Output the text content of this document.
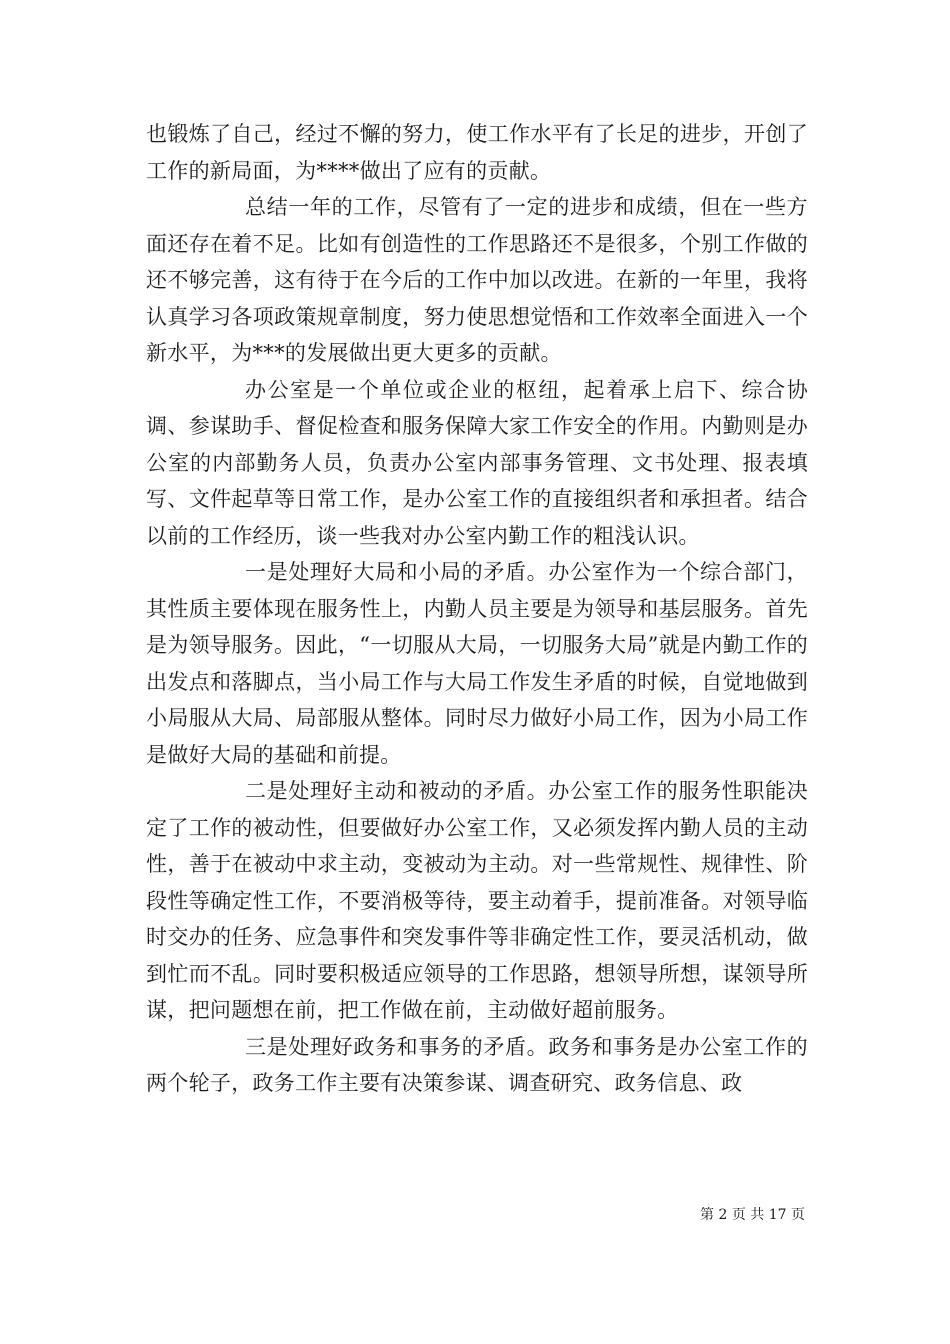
也锻炼了自己，经过不懈的努力，使工作水平有了长足的进步，开创了工作的新局面，为****做出了应有的贡献。

总结一年的工作，尽管有了一定的进步和成绩，但在一些方面还存在着不足。比如有创造性的工作思路还不是很多，个别工作做的还不够完善，这有待于在今后的工作中加以改进。在新的一年里，我将认真学习各项政策规章制度，努力使思想觉悟和工作效率全面进入一个新水平，为***的发展做出更大更多的贡献。

办公室是一个单位或企业的枢纽，起着承上启下、综合协调、参谋助手、督促检查和服务保障大家工作安全的作用。内勤则是办公室的内部勤务人员，负责办公室内部事务管理、文书处理、报表填写、文件起草等日常工作，是办公室工作的直接组织者和承担者。结合以前的工作经历，谈一些我对办公室内勤工作的粗浅认识。

一是处理好大局和小局的矛盾。办公室作为一个综合部门，其性质主要体现在服务性上，内勤人员主要是为领导和基层服务。首先是为领导服务。因此，“一切服从大局，一切服务大局”就是内勤工作的出发点和落脚点，当小局工作与大局工作发生矛盾的时候，自觉地做到小局服从大局、局部服从整体。同时尽力做好小局工作，因为小局工作是做好大局的基础和前提。

二是处理好主动和被动的矛盾。办公室工作的服务性职能决定了工作的被动性，但要做好办公室工作，又必须发挥内勤人员的主动性，善于在被动中求主动，变被动为主动。对一些常规性、规律性、阶段性等确定性工作，不要消极等待，要主动着手，提前准备。对领导临时交办的任务、应急事件和突发事件等非确定性工作，要灵活机动，做到忙而不乱。同时要积极适应领导的工作思路，想领导所想，谋领导所谋，把问题想在前，把工作做在前，主动做好超前服务。

三是处理好政务和事务的矛盾。政务和事务是办公室工作的两个轮子，政务工作主要有决策参谋、调查研究、政务信息、政

第 2 页 共 17 页
